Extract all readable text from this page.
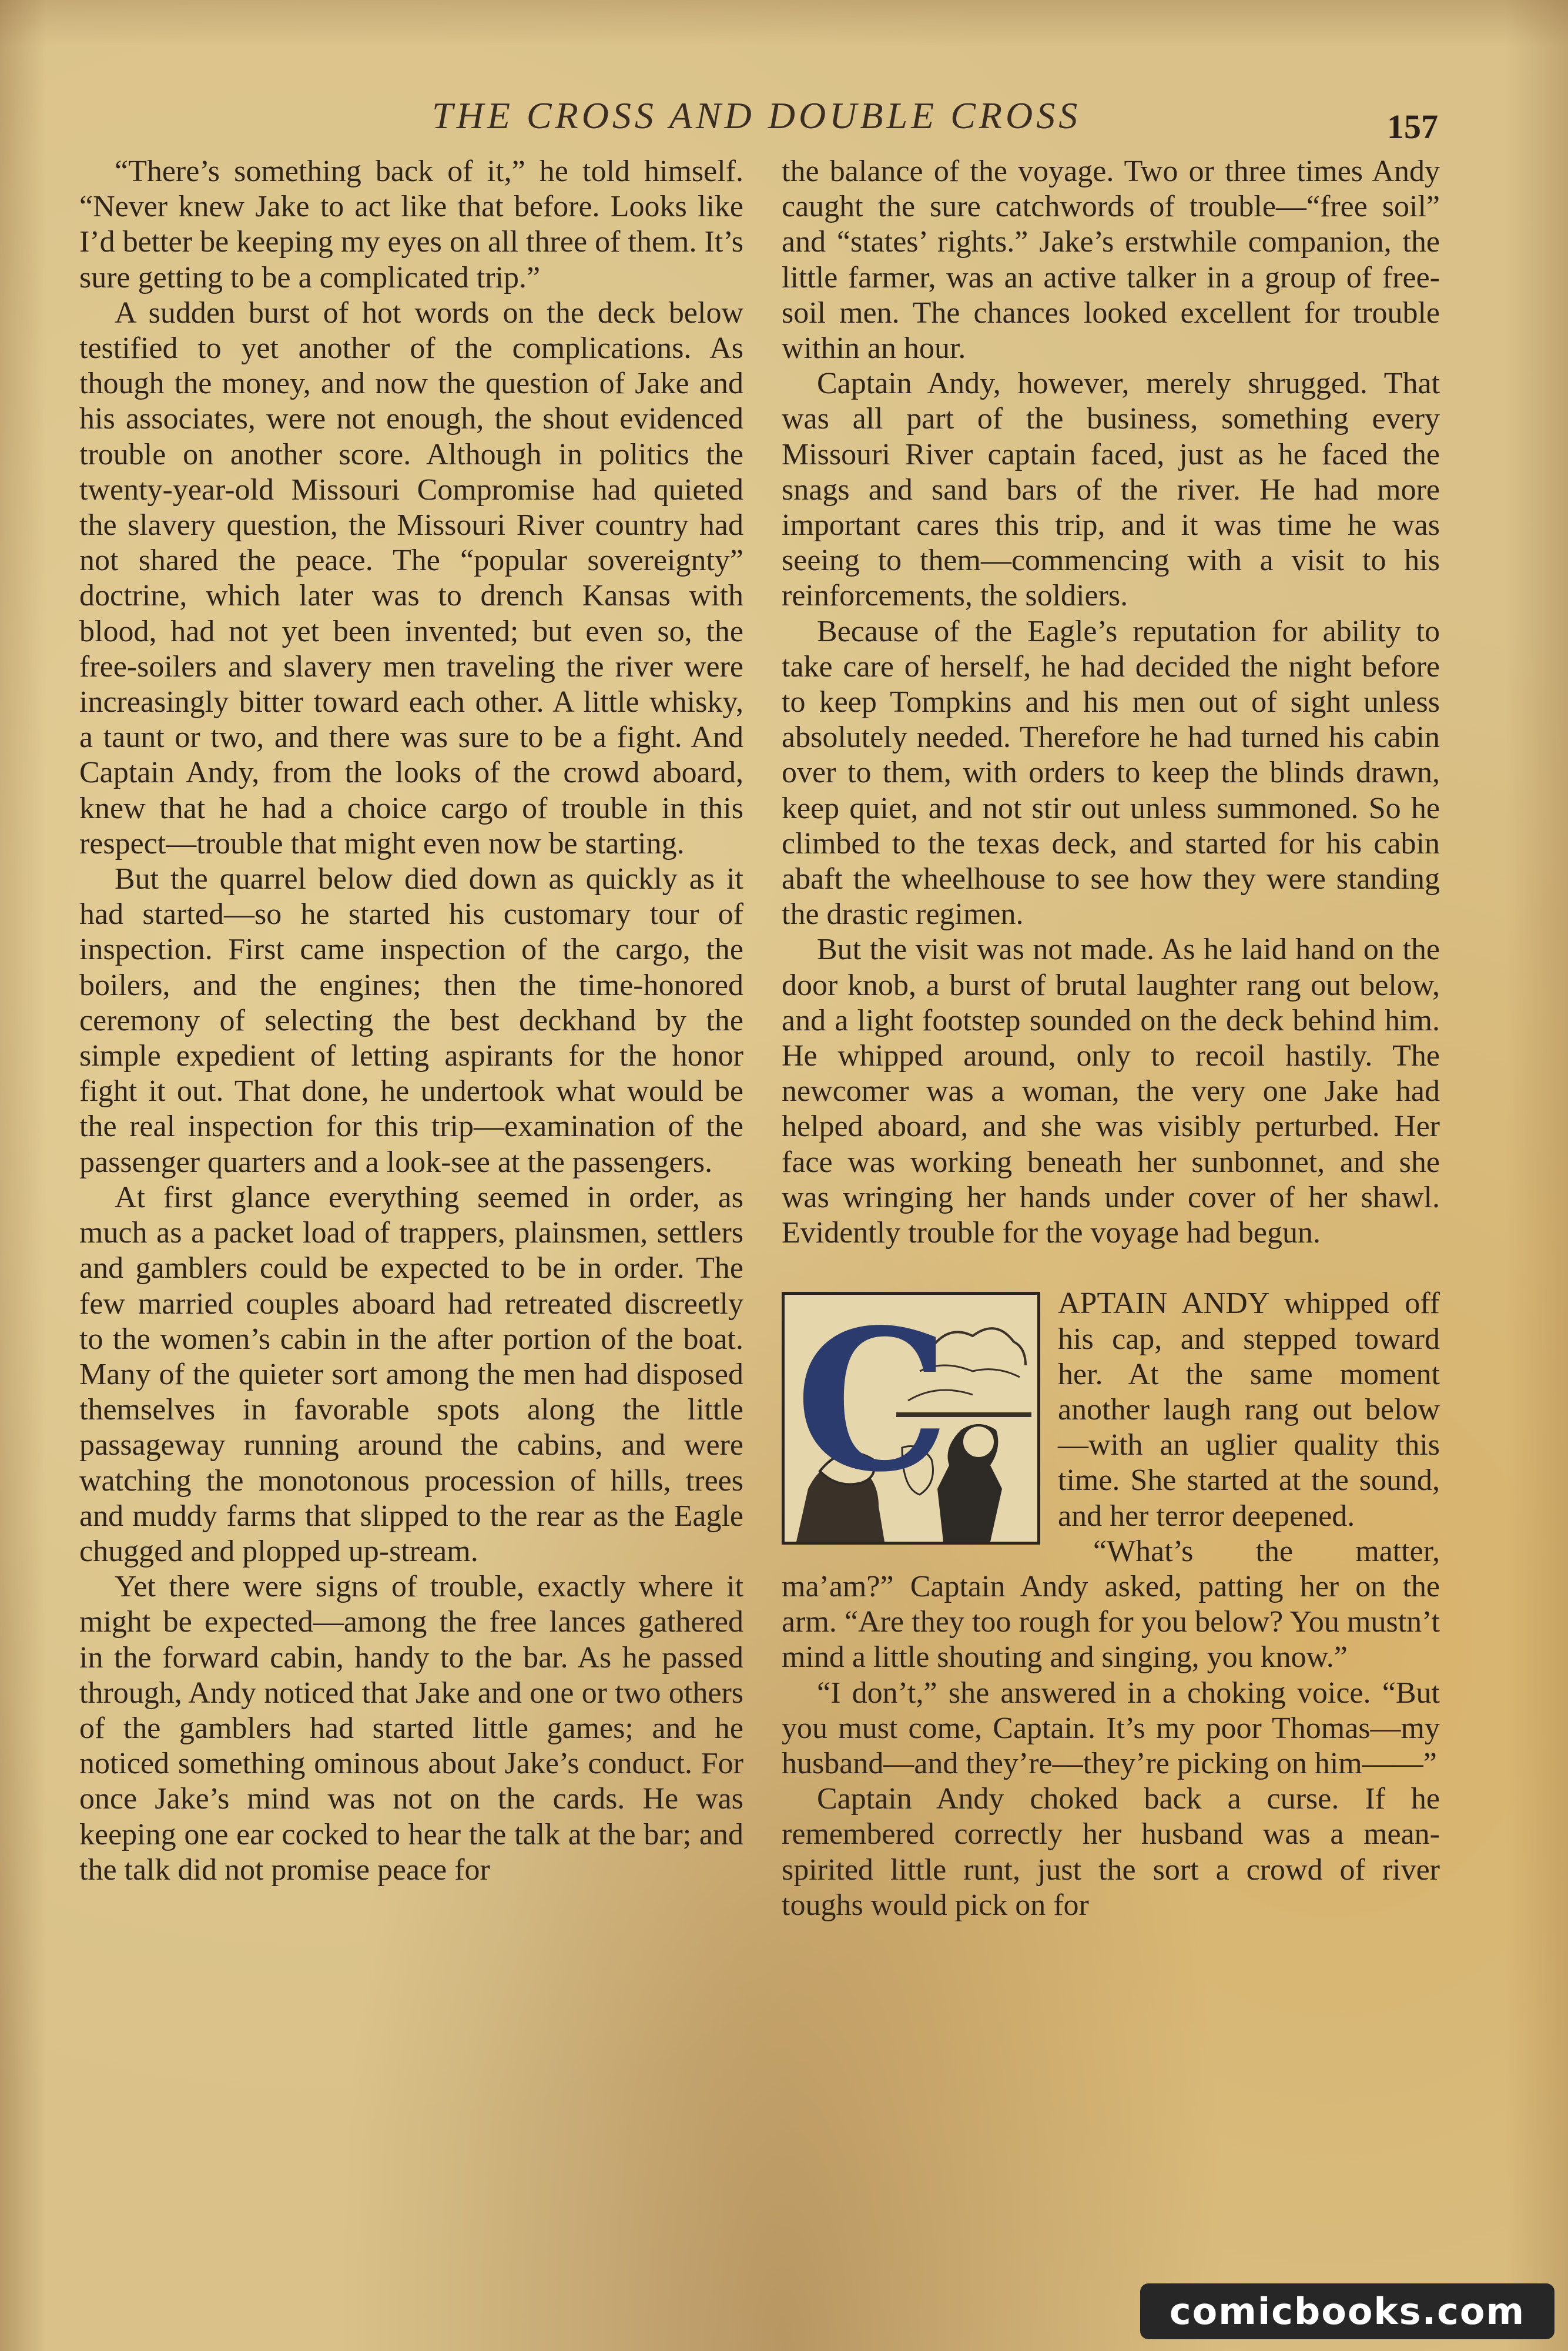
THE CROSS AND DOUBLE CROSS	157

“There’s something back of it,” he told himself. “Never knew Jake to act like that before. Looks like I’d better be keeping my eyes on all three of them. It’s sure getting to be a complicated trip.”

A sudden burst of hot words on the deck below testified to yet another of the complications. As though the money, and now the question of Jake and his associates, were not enough, the shout evidenced trouble on another score. Although in politics the twenty-year-old Missouri Compromise had quieted the slavery question, the Missouri River country had not shared the peace. The “popular sovereignty” doctrine, which later was to drench Kansas with blood, had not yet been invented; but even so, the free-soilers and slavery men traveling the river were increasingly bitter toward each other. A little whisky, a taunt or two, and there was sure to be a fight. And Captain Andy, from the looks of the crowd aboard, knew that he had a choice cargo of trouble in this respect—trouble that might even now be starting.

But the quarrel below died down as quickly as it had started—so he started his customary tour of inspection. First came inspection of the cargo, the boilers, and the engines; then the time-honored ceremony of selecting the best deckhand by the simple expedient of letting aspirants for the honor fight it out. That done, he undertook what would be the real inspection for this trip—examination of the passenger quarters and a look-see at the passengers.

At first glance everything seemed in order, as much as a packet load of trappers, plainsmen, settlers and gamblers could be expected to be in order. The few married couples aboard had retreated discreetly to the women’s cabin in the after portion of the boat. Many of the quieter sort among the men had disposed themselves in favorable spots along the little passageway running around the cabins, and were watching the monotonous procession of hills, trees and muddy farms that slipped to the rear as the Eagle chugged and plopped up-stream.

Yet there were signs of trouble, exactly where it might be expected—among the free lances gathered in the forward cabin, handy to the bar. As he passed through, Andy noticed that Jake and one or two others of the gamblers had started little games; and he noticed something ominous about Jake’s conduct. For once Jake’s mind was not on the cards. He was keeping one ear cocked to hear the talk at the bar; and the talk did not promise peace for

the balance of the voyage. Two or three times Andy caught the sure catchwords of trouble—“free soil” and “states’ rights.” Jake’s erstwhile companion, the little farmer, was an active talker in a group of free-soil men. The chances looked excellent for trouble within an hour.

Captain Andy, however, merely shrugged. That was all part of the business, something every Missouri River captain faced, just as he faced the snags and sand bars of the river. He had more important cares this trip, and it was time he was seeing to them—commencing with a visit to his reinforcements, the soldiers.

Because of the Eagle’s reputation for ability to take care of herself, he had decided the night before to keep Tompkins and his men out of sight unless absolutely needed. Therefore he had turned his cabin over to them, with orders to keep the blinds drawn, keep quiet, and not stir out unless summoned. So he climbed to the texas deck, and started for his cabin abaft the wheelhouse to see how they were standing the drastic regimen.

But the visit was not made. As he laid hand on the door knob, a burst of brutal laughter rang out below, and a light footstep sounded on the deck behind him. He whipped around, only to recoil hastily. The newcomer was a woman, the very one Jake had helped aboard, and she was visibly perturbed. Her face was working beneath her sunbonnet, and she was wringing her hands under cover of her shawl. Evidently trouble for the voyage had begun.

C	APTAIN ANDY whipped off his cap, and stepped toward her. At the same moment another laugh rang out below—with an uglier quality this time. She started at the sound, and her terror deepened.

“What’s the matter, ma’am?” Captain Andy asked, patting her on the arm. “Are they too rough for you below? You mustn’t mind a little shouting and singing, you know.”

“I don’t,” she answered in a choking voice. “But you must come, Captain. It’s my poor Thomas—my husband—and they’re—they’re picking on him——”

Captain Andy choked back a curse. If he remembered correctly her husband was a mean-spirited little runt, just the sort a crowd of river toughs would pick on for

comicbooks.com
